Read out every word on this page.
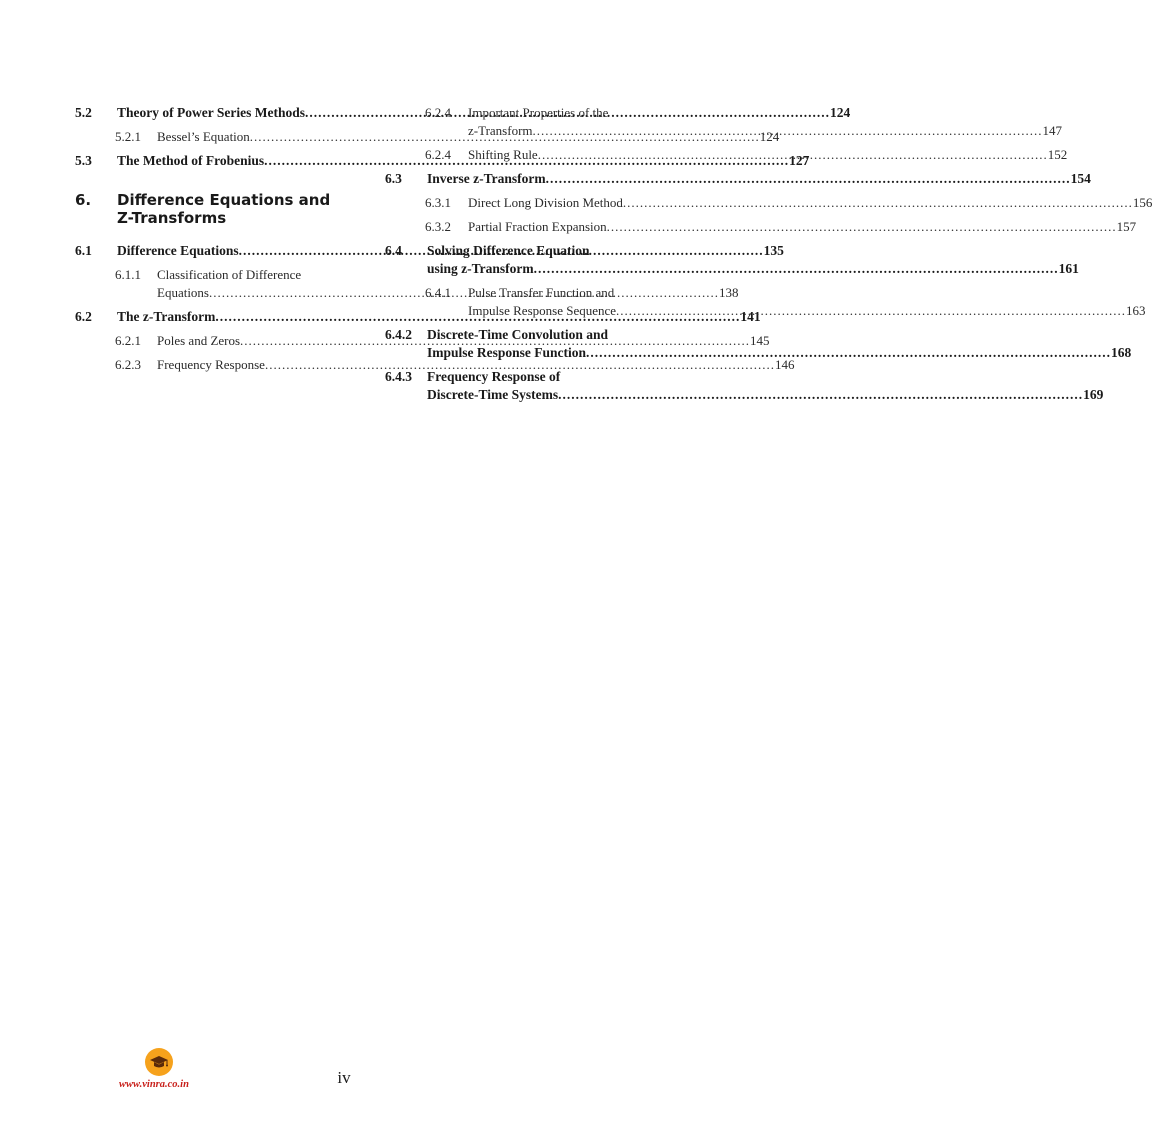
5.2	Theory of Power Series Methods .....	124
5.2.1	Bessel’s Equation .....	124
5.3	The Method of Frobenius .....	127
6. Difference Equations and
Z-Transforms
6.1	Difference Equations .....	135
6.1.1	Classification of Difference
Equations .....	138
6.2	The z-Transform .....	141
6.2.1	Poles and Zeros .....	145
6.2.3	Frequency Response .....	146
6.2.4	Important Properties of the
z-Transform .....	147
6.2.4	Shifting Rule .....	152
6.3	Inverse z-Transform .....	154
6.3.1	Direct Long Division Method .....	156
6.3.2	Partial Fraction Expansion .....	157
6.4	Solving Difference Equation
using z-Transform .....	161
6.4.1	Pulse Transfer Function and
Impulse Response Sequence .....	163
6.4.2	Discrete-Time Convolution and
Impulse Response Function .....	168
6.4.3	Frequency Response of
Discrete-Time Systems .....	169
www.vinra.co.in	iv
